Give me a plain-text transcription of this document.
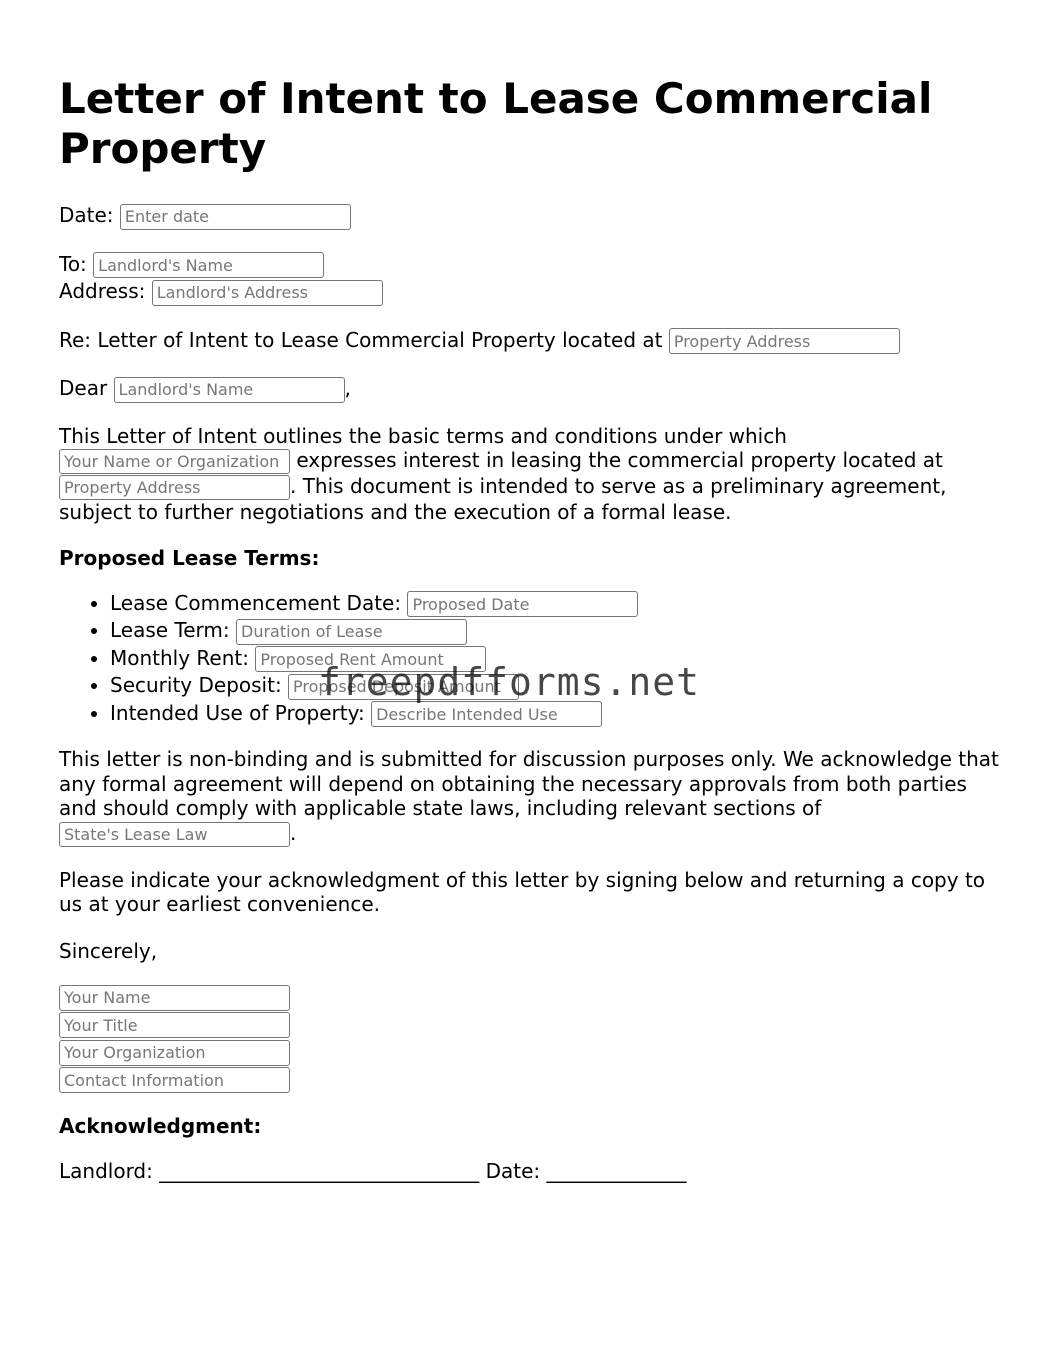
Letter of Intent to Lease Commercial Property
Date: Enter date
To: Landlord's Name
Address: Landlord's Address
Re: Letter of Intent to Lease Commercial Property located at Property Address
Dear Landlord's Name	,
This Letter of Intent outlines the basic terms and conditions under which
Your Name or Organization expresses interest in leasing the commercial property located at Property Address. This document is intended to serve as a preliminary agreement, subject to further negotiations and the execution of a formal lease.
Proposed Lease Terms:
• Lease Commencement Date: Proposed Date
• Lease Term: Duration of Lease
• Monthly Rent: Proposed Rent Amount
• Security Deposit: Proposed Deposit Amount
• Intended Use of Property: Describe Intended Use
This letter is non-binding and is submitted for discussion purposes only. We acknowledge that any formal agreement will depend on obtaining the necessary approvals from both parties and should comply with applicable state laws, including relevant sections of
State's Lease Law.
Please indicate your acknowledgment of this letter by signing below and returning a copy to us at your earliest convenience.
Sincerely,
Your Name
Your Title
Your Organization
Contact Information
Acknowledgment:
Landlord: ________________________________ Date: ______________
freepdfforms.net
